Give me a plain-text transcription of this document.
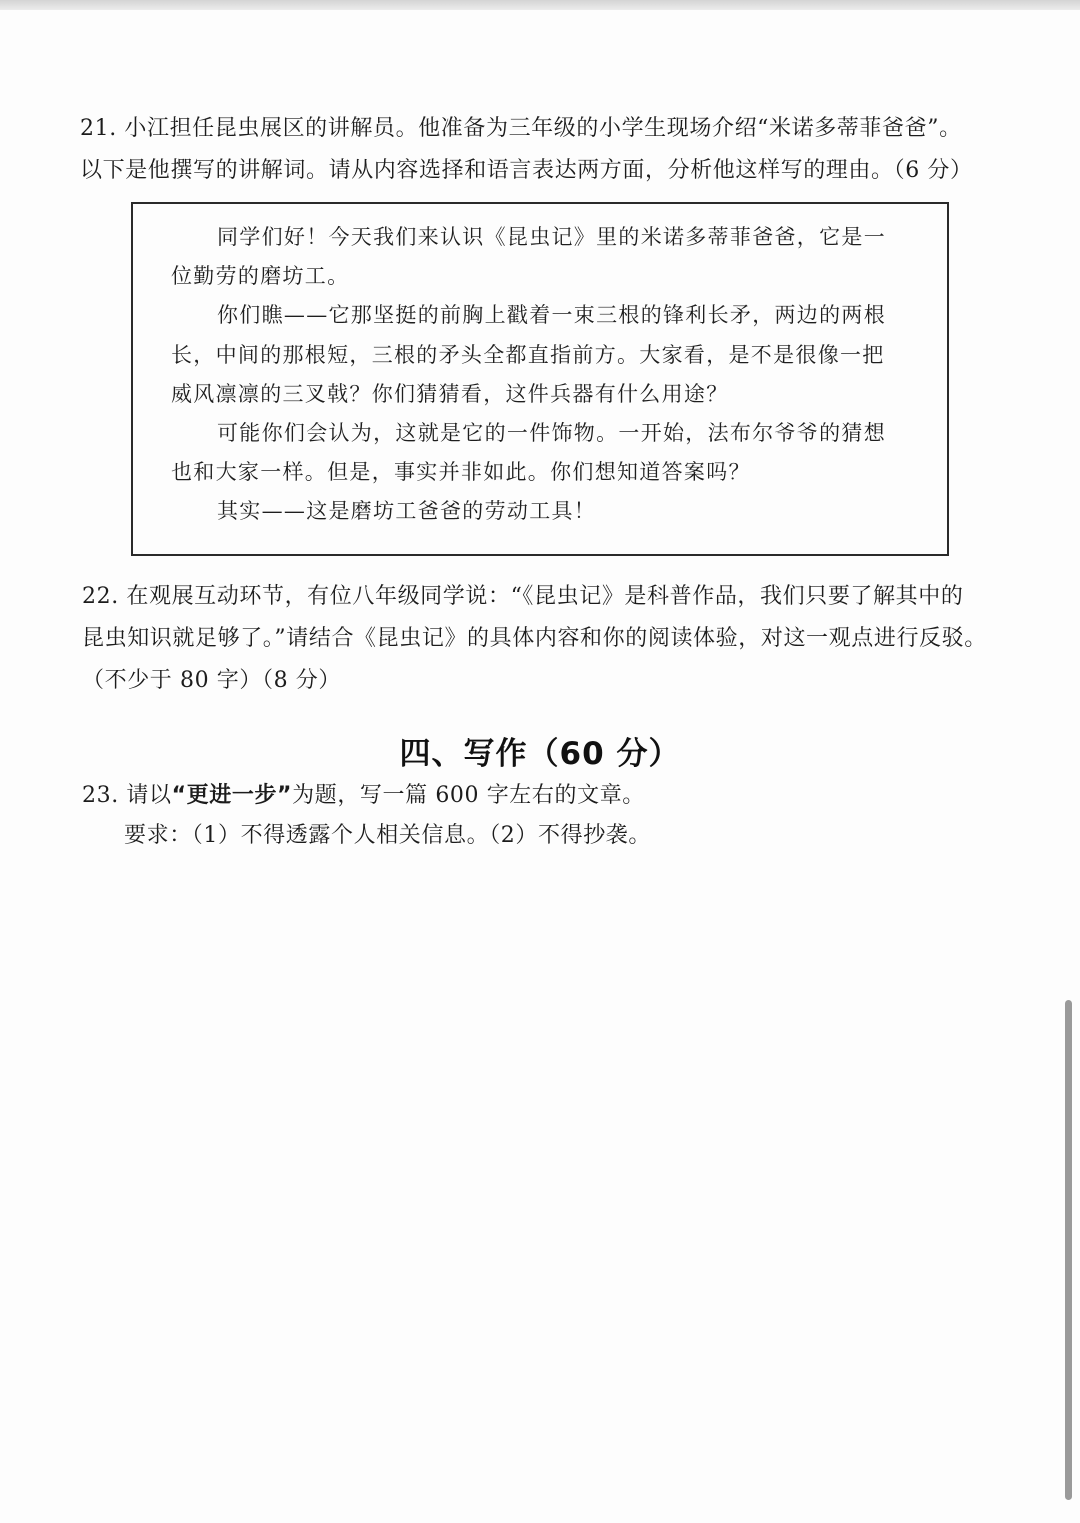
21. 小江担任昆虫展区的讲解员。他准备为三年级的小学生现场介绍“米诺多蒂菲爸爸”。
以下是他撰写的讲解词。请从内容选择和语言表达两方面，分析他这样写的理由。（6 分）
同学们好！今天我们来认识《昆虫记》里的米诺多蒂菲爸爸，它是一
位勤劳的磨坊工。
你们瞧——它那坚挺的前胸上戳着一束三根的锋利长矛，两边的两根
长，中间的那根短，三根的矛头全都直指前方。大家看，是不是很像一把
威风凛凛的三叉戟？你们猜猜看，这件兵器有什么用途？
可能你们会认为，这就是它的一件饰物。一开始，法布尔爷爷的猜想
也和大家一样。但是，事实并非如此。你们想知道答案吗？
其实——这是磨坊工爸爸的劳动工具！
22. 在观展互动环节，有位八年级同学说：“《昆虫记》是科普作品，我们只要了解其中的
昆虫知识就足够了。”请结合《昆虫记》的具体内容和你的阅读体验，对这一观点进行反驳。
（不少于 80 字）（8 分）
四、写作（60 分）
23. 请以“更进一步”为题，写一篇 600 字左右的文章。
要求：（1）不得透露个人相关信息。（2）不得抄袭。
